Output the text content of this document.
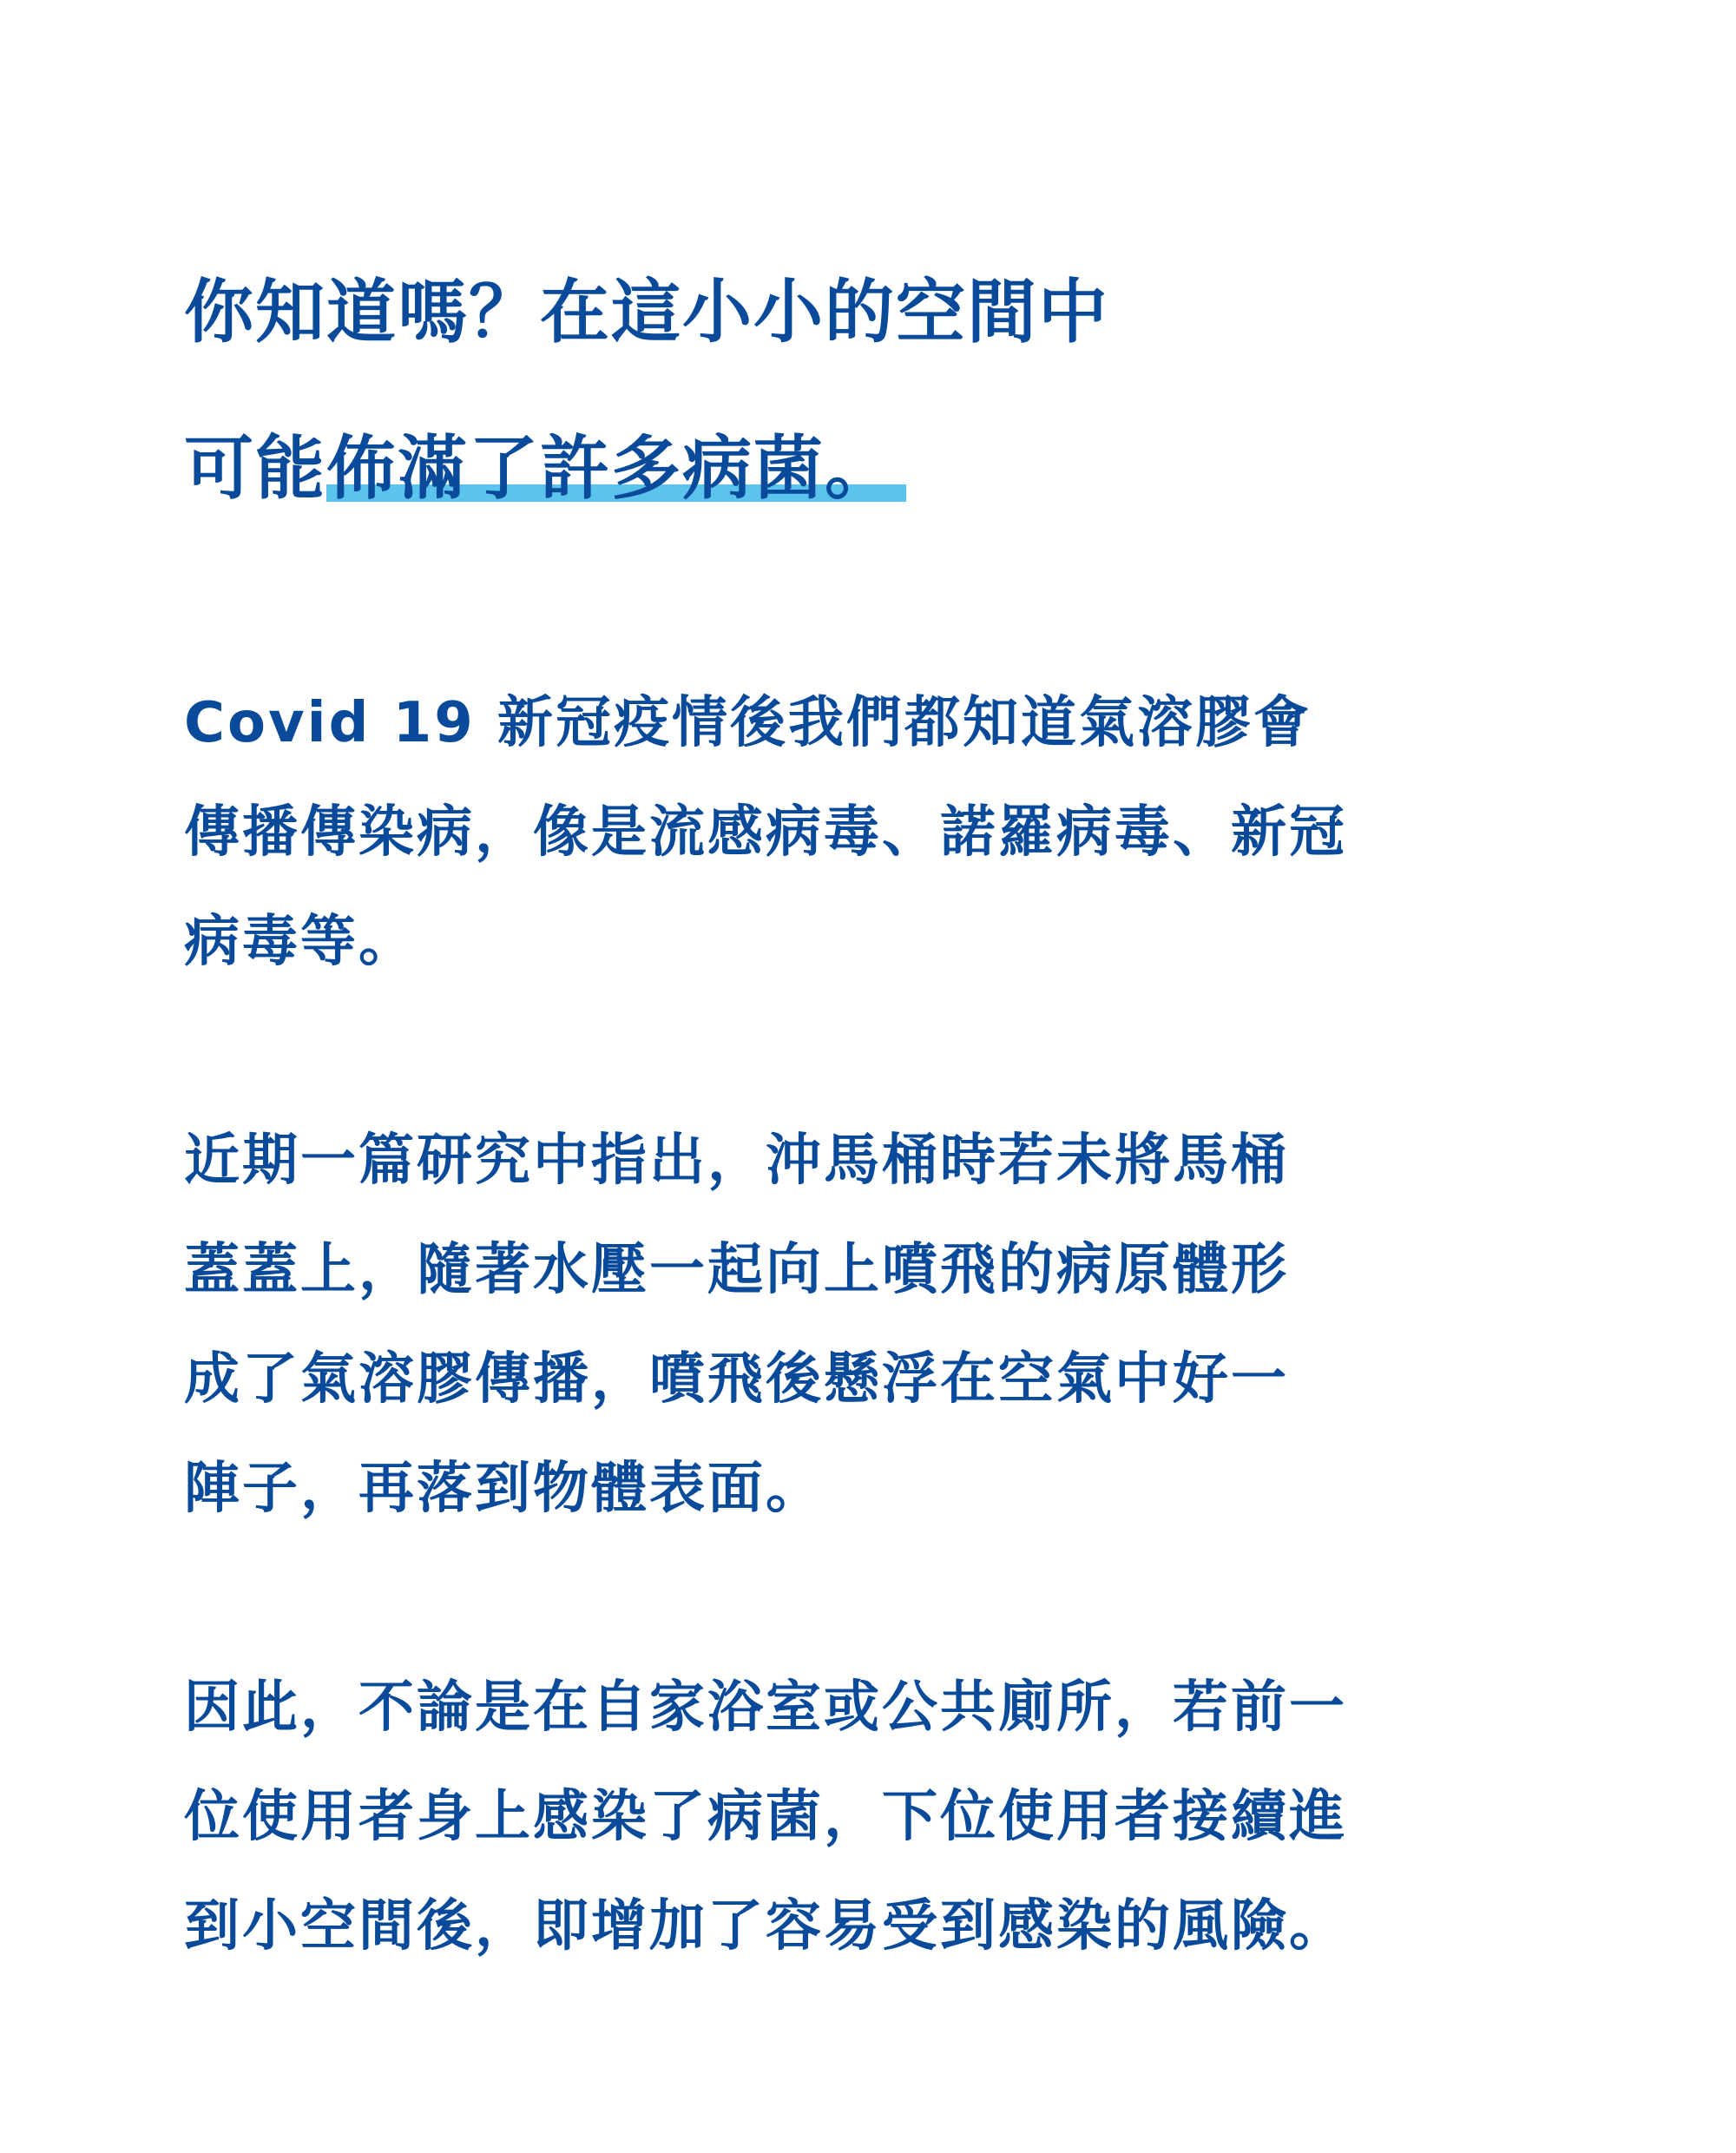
你知道嗎？在這小小的空間中
可能佈滿了許多病菌。

Covid 19 新冠疫情後我們都知道氣溶膠會
傳播傳染病，像是流感病毒、諾羅病毒、新冠
病毒等。

近期一篇研究中指出，沖馬桶時若未將馬桶
蓋蓋上，隨著水壓一起向上噴飛的病原體形
成了氣溶膠傳播，噴飛後懸浮在空氣中好一
陣子，再落到物體表面。

因此，不論是在自家浴室或公共廁所，若前一
位使用者身上感染了病菌，下位使用者接續進
到小空間後，即增加了容易受到感染的風險。
